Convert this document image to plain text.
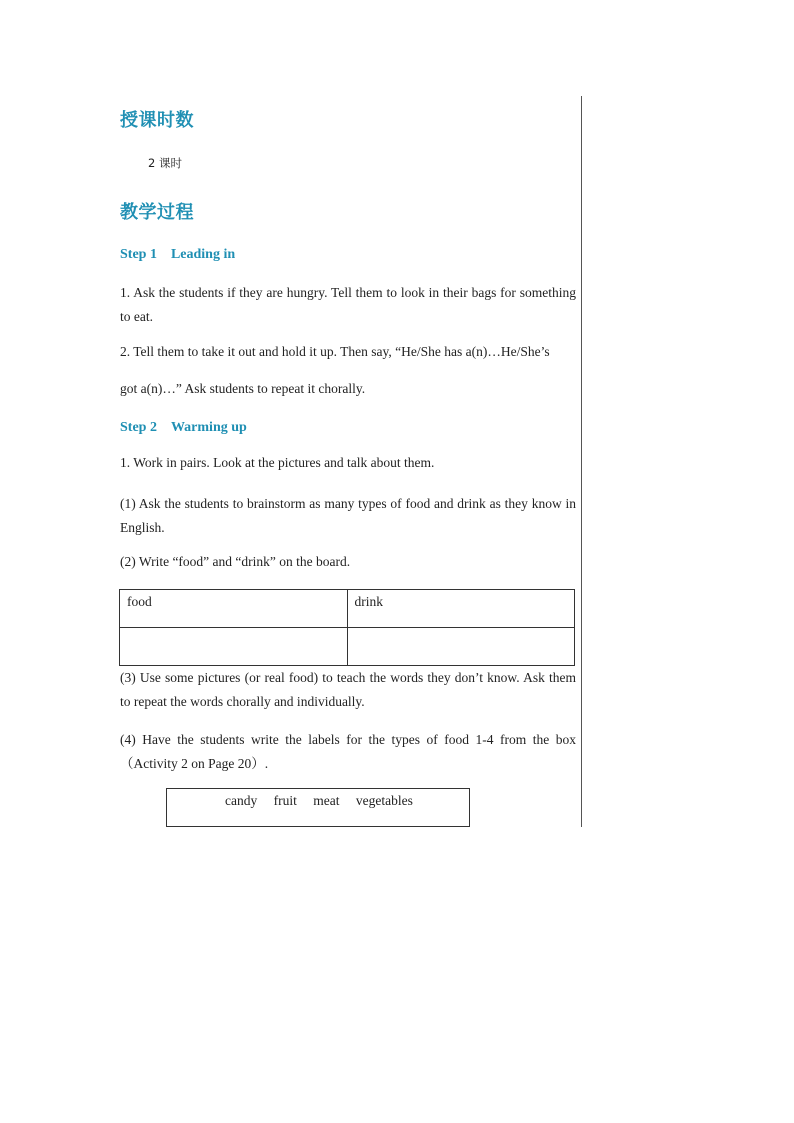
授课时数
2 课时
教学过程
Step 1 Leading in
1. Ask the students if they are hungry. Tell them to look in their bags for something to eat.
2. Tell them to take it out and hold it up. Then say, “He/She has a(n)…He/She’s
got a(n)…” Ask students to repeat it chorally.
Step 2 Warming up
1. Work in pairs. Look at the pictures and talk about them.
(1) Ask the students to brainstorm as many types of food and drink as they know in English.
(2) Write “food” and “drink” on the board.
food	drink

(3) Use some pictures (or real food) to teach the words they don’t know. Ask them to repeat the words chorally and individually.
(4) Have the students write the labels for the types of food 1-4 from the box （Activity 2 on Page 20）.
candy fruit meat vegetables
